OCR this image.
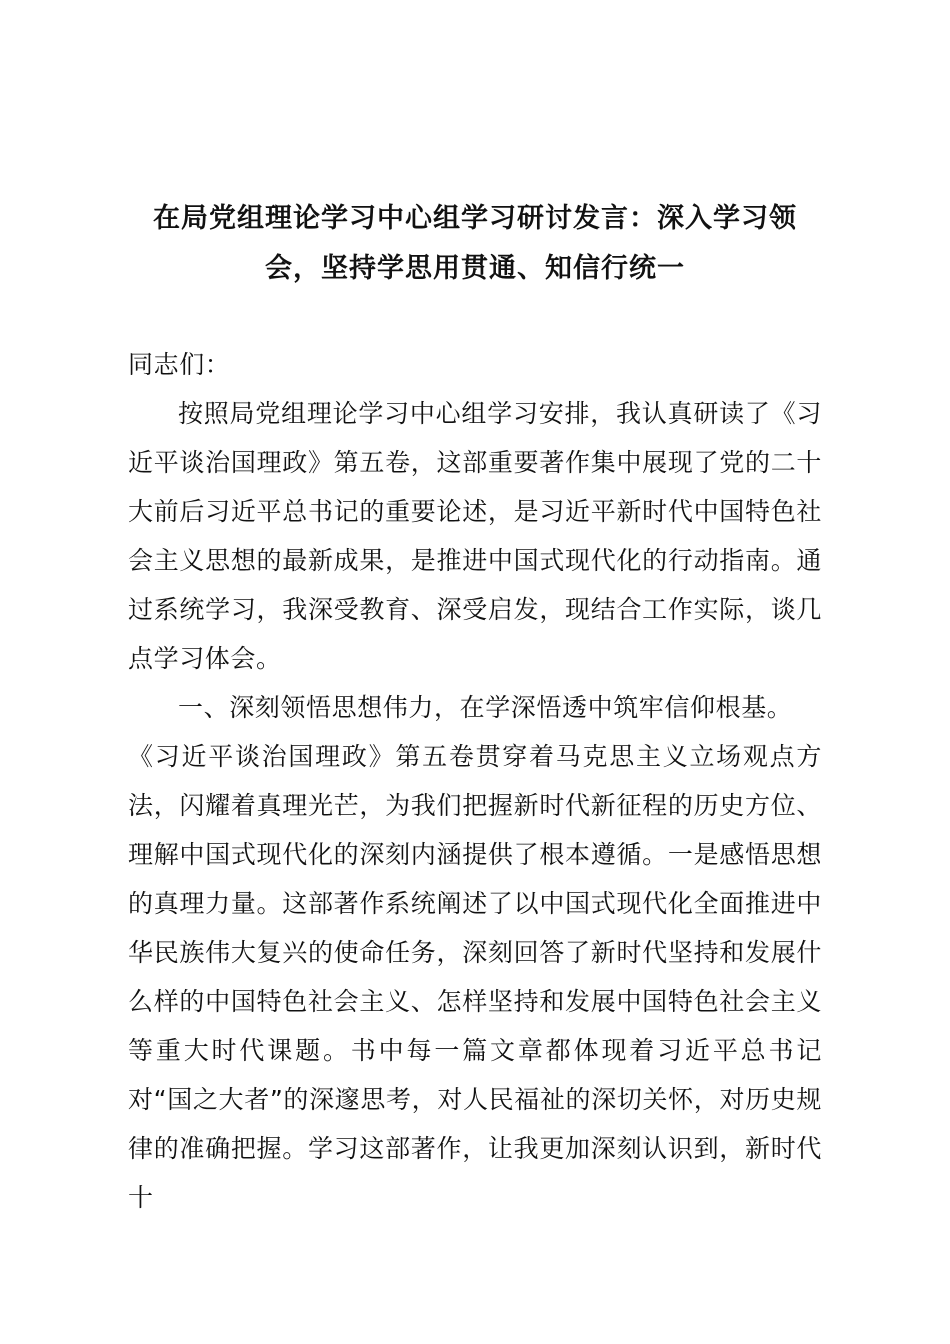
在局党组理论学习中心组学习研讨发言：深入学习领
会，坚持学思用贯通、知信行统一

同志们：

按照局党组理论学习中心组学习安排，我认真研读了《习近平谈治国理政》第五卷，这部重要著作集中展现了党的二十大前后习近平总书记的重要论述，是习近平新时代中国特色社会主义思想的最新成果，是推进中国式现代化的行动指南。通过系统学习，我深受教育、深受启发，现结合工作实际，谈几点学习体会。

一、深刻领悟思想伟力，在学深悟透中筑牢信仰根基。

《习近平谈治国理政》第五卷贯穿着马克思主义立场观点方法，闪耀着真理光芒，为我们把握新时代新征程的历史方位、理解中国式现代化的深刻内涵提供了根本遵循。一是感悟思想的真理力量。这部著作系统阐述了以中国式现代化全面推进中华民族伟大复兴的使命任务，深刻回答了新时代坚持和发展什么样的中国特色社会主义、怎样坚持和发展中国特色社会主义等重大时代课题。书中每一篇文章都体现着习近平总书记对“国之大者”的深邃思考，对人民福祉的深切关怀，对历史规律的准确把握。学习这部著作，让我更加深刻认识到，新时代十
